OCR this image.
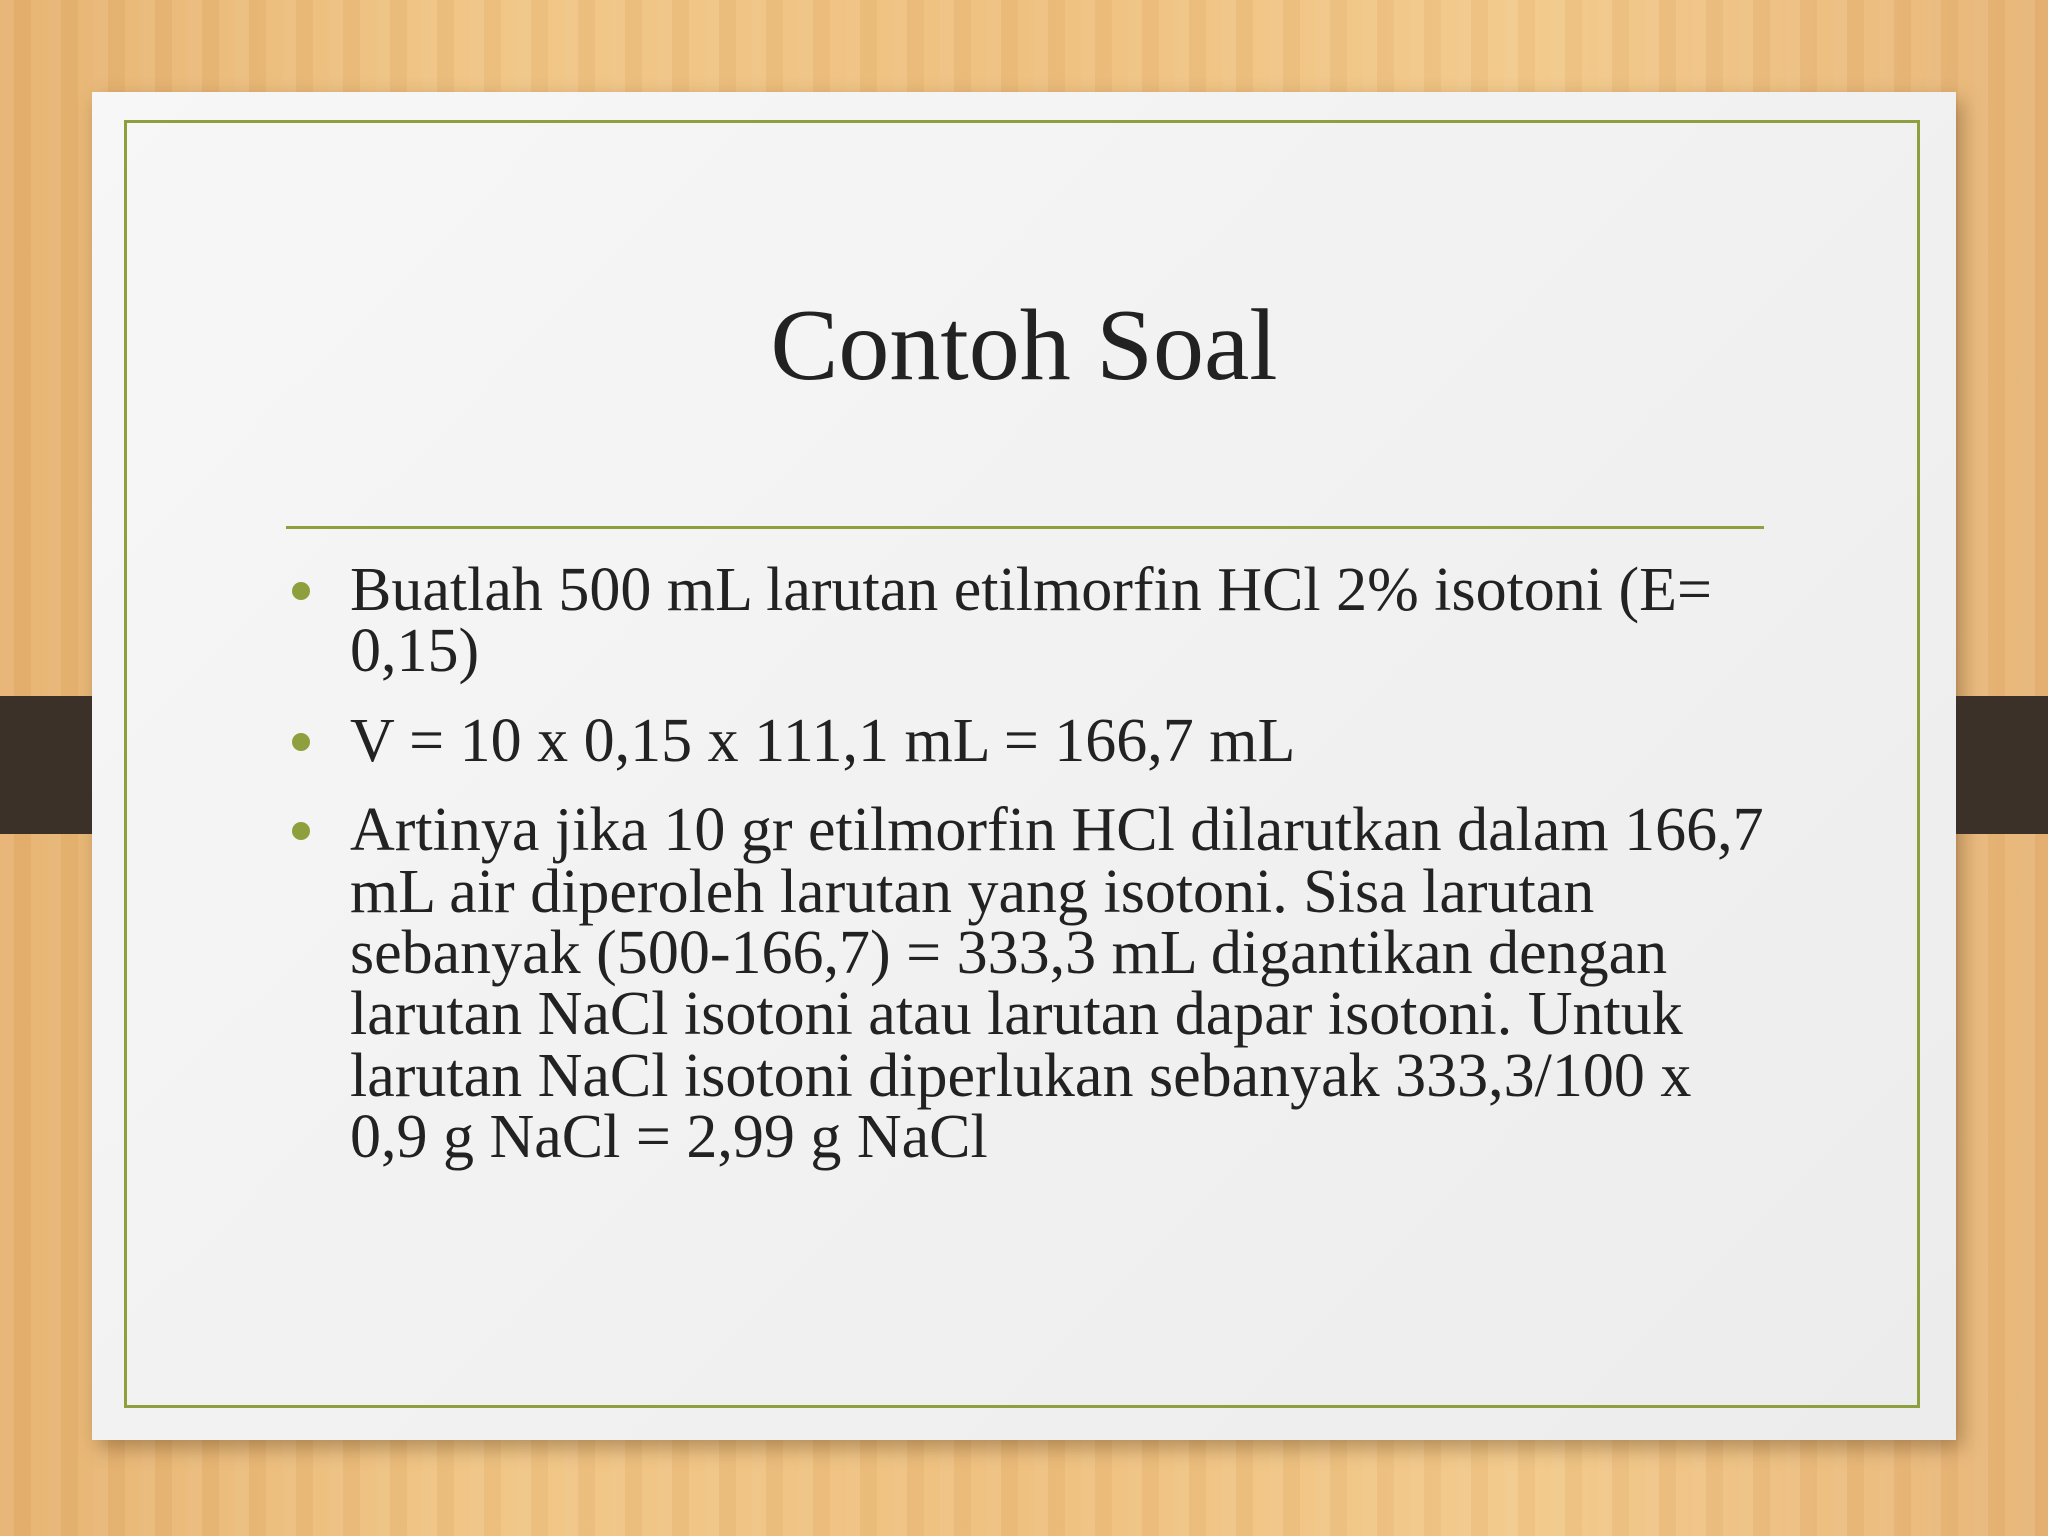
Contoh Soal
Buatlah 500 mL larutan etilmorfin HCl 2% isotoni (E= 0,15)
V = 10 x 0,15 x 111,1 mL = 166,7 mL
Artinya jika 10 gr etilmorfin HCl dilarutkan dalam 166,7 mL air diperoleh larutan yang isotoni. Sisa larutan sebanyak (500-166,7) = 333,3 mL digantikan dengan larutan NaCl isotoni atau larutan dapar isotoni. Untuk larutan NaCl isotoni diperlukan sebanyak 333,3/100 x 0,9 g NaCl = 2,99 g NaCl
